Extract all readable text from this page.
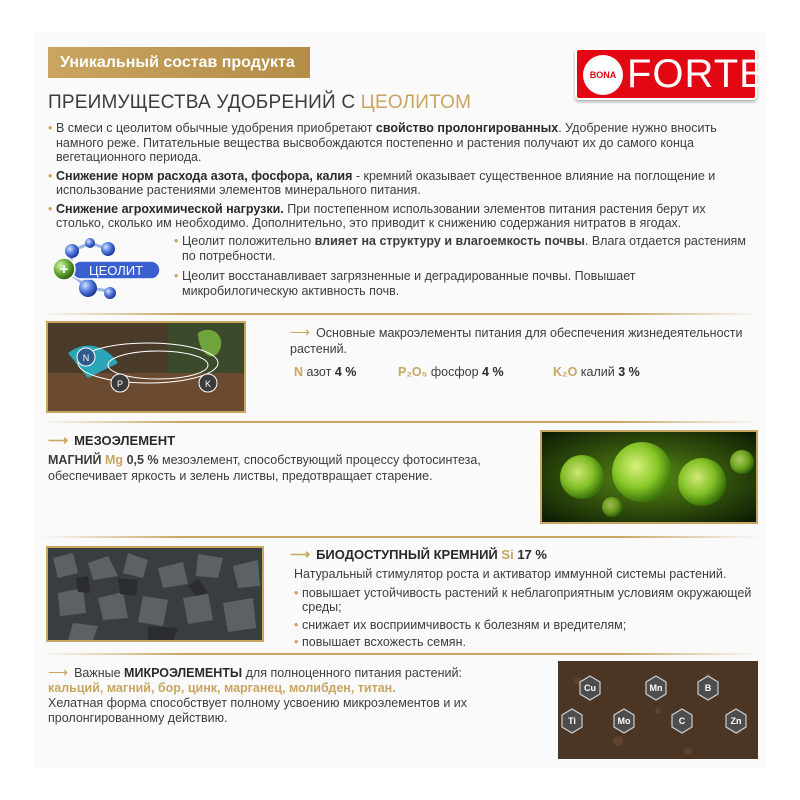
Уникальный состав продукта
BONA FORTE
ПРЕИМУЩЕСТВА УДОБРЕНИЙ С ЦЕОЛИТОМ

• В смеси с цеолитом обычные удобрения приобретают свойство пролонгированных. Удобрение нужно вносить намного реже. Питательные вещества высвобождаются постепенно и растения получают их до самого конца вегетационного периода.

• Снижение норм расхода азота, фосфора, калия - кремний оказывает существенное влияние на поглощение и использование растениями элементов минерального питания.

• Снижение агрохимической нагрузки. При постепенном использовании элементов питания растения берут их столько, сколько им необходимо. Дополнительно, это приводит к снижению содержания нитратов в ягодах.

ЦЕОЛИТ
+

• Цеолит положительно влияет на структуру и влагоемкость почвы. Влага отдается растениям по потребности.

• Цеолит восстанавливает загрязненные и деградированные почвы. Повышает микробилогическую активность почв.

N
P	K
⟶ Основные макроэлементы питания для обеспечения жизнедеятельности растений.
N азот 4 %	P₂O₅ фосфор 4 %	K₂O калий 3 %
⟶ МЕЗОЭЛЕМЕНТ
МАГНИЙ Mg 0,5 % мезоэлемент, способствующий процессу фотосинтеза, обеспечивает яркость и зелень листвы, предотвращает старение.
⟶ БИОДОСТУПНЫЙ КРЕМНИЙ Si 17 %
Натуральный стимулятор роста и активатор иммунной системы растений.
• повышает устойчивость растений к неблагоприятным условиям окружающей среды;
• снижает их восприимчивость к болезням и вредителям;
• повышает всхожесть семян.
⟶ Важные МИКРОЭЛЕМЕНТЫ для полноценного питания растений:
кальций, магний, бор, цинк, марганец, молибден, титан.
Хелатная форма способствует полному усвоению микроэлементов и их пролонгированному действию.
Cu	Mn	B
Ti	Mo	C	Zn
